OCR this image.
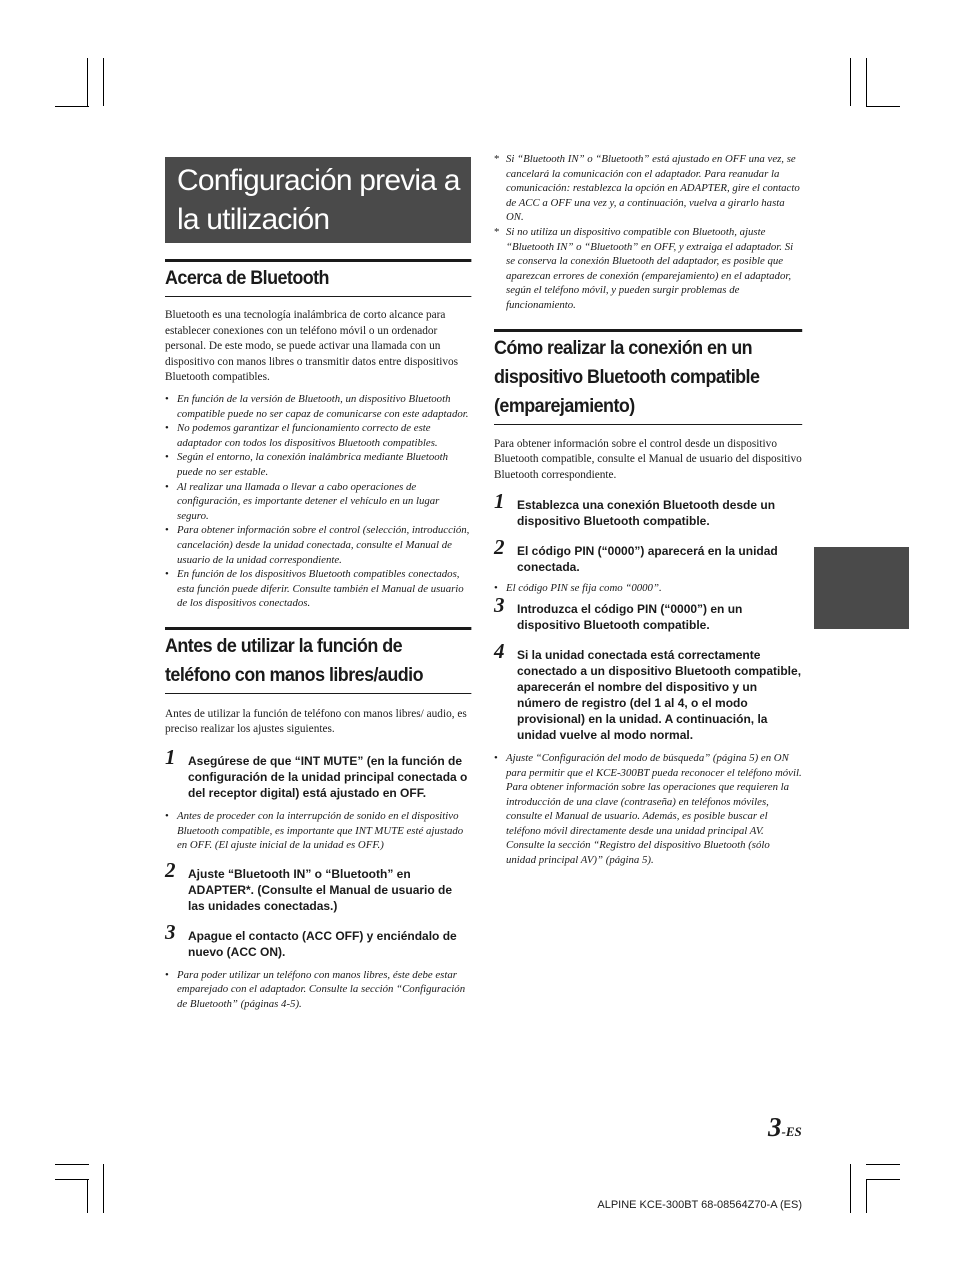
Configuración previa a
la utilización
Acerca de Bluetooth

Bluetooth es una tecnología inalámbrica de corto alcance para establecer conexiones con un teléfono móvil o un ordenador personal. De este modo, se puede activar una llamada con un dispositivo con manos libres o transmitir datos entre dispositivos Bluetooth compatibles.

• En función de la versión de Bluetooth, un dispositivo Bluetooth compatible puede no ser capaz de comunicarse con este adaptador.
• No podemos garantizar el funcionamiento correcto de este adaptador con todos los dispositivos Bluetooth compatibles.
• Según el entorno, la conexión inalámbrica mediante Bluetooth puede no ser estable.
• Al realizar una llamada o llevar a cabo operaciones de configuración, es importante detener el vehículo en un lugar seguro.
• Para obtener información sobre el control (selección, introducción, cancelación) desde la unidad conectada, consulte el Manual de usuario de la unidad correspondiente.
• En función de los dispositivos Bluetooth compatibles conectados, esta función puede diferir. Consulte también el Manual de usuario de los dispositivos conectados.
Antes de utilizar la función de
teléfono con manos libres/audio

Antes de utilizar la función de teléfono con manos libres/ audio, es preciso realizar los ajustes siguientes.

1 Asegúrese de que “INT MUTE” (en la función de configuración de la unidad principal conectada o del receptor digital) está ajustado en OFF.
• Antes de proceder con la interrupción de sonido en el dispositivo Bluetooth compatible, es importante que INT MUTE esté ajustado en OFF. (El ajuste inicial de la unidad es OFF.)
2 Ajuste “Bluetooth IN” o “Bluetooth” en ADAPTER*. (Consulte el Manual de usuario de las unidades conectadas.)
3 Apague el contacto (ACC OFF) y enciéndalo de nuevo (ACC ON).
• Para poder utilizar un teléfono con manos libres, éste debe estar emparejado con el adaptador. Consulte la sección “Configuración de Bluetooth” (páginas 4-5).
* Si “Bluetooth IN” o “Bluetooth” está ajustado en OFF una vez, se cancelará la comunicación con el adaptador. Para reanudar la comunicación: restablezca la opción en ADAPTER, gire el contacto de ACC a OFF una vez y, a continuación, vuelva a girarlo hasta ON.
* Si no utiliza un dispositivo compatible con Bluetooth, ajuste “Bluetooth IN” o “Bluetooth” en OFF, y extraiga el adaptador. Si se conserva la conexión Bluetooth del adaptador, es posible que aparezcan errores de conexión (emparejamiento) en el adaptador, según el teléfono móvil, y pueden surgir problemas de funcionamiento.
Cómo realizar la conexión en un
dispositivo Bluetooth compatible
(emparejamiento)

Para obtener información sobre el control desde un dispositivo Bluetooth compatible, consulte el Manual de usuario del dispositivo Bluetooth correspondiente.

1 Establezca una conexión Bluetooth desde un dispositivo Bluetooth compatible.
2 El código PIN (“0000”) aparecerá en la unidad conectada.
• El código PIN se fija como “0000”.
3 Introduzca el código PIN (“0000”) en un dispositivo Bluetooth compatible.
4 Si la unidad conectada está correctamente conectado a un dispositivo Bluetooth compatible, aparecerán el nombre del dispositivo y un número de registro (del 1 al 4, o el modo provisional) en la unidad. A continuación, la unidad vuelve al modo normal.
• Ajuste “Configuración del modo de búsqueda” (página 5) en ON para permitir que el KCE-300BT pueda reconocer el teléfono móvil. Para obtener información sobre las operaciones que requieren la introducción de una clave (contraseña) en teléfonos móviles, consulte el Manual de usuario. Además, es posible buscar el teléfono móvil directamente desde una unidad principal AV. Consulte la sección “Registro del dispositivo Bluetooth (sólo unidad principal AV)” (página 5).
3-ES
ALPINE KCE-300BT 68-08564Z70-A (ES)
